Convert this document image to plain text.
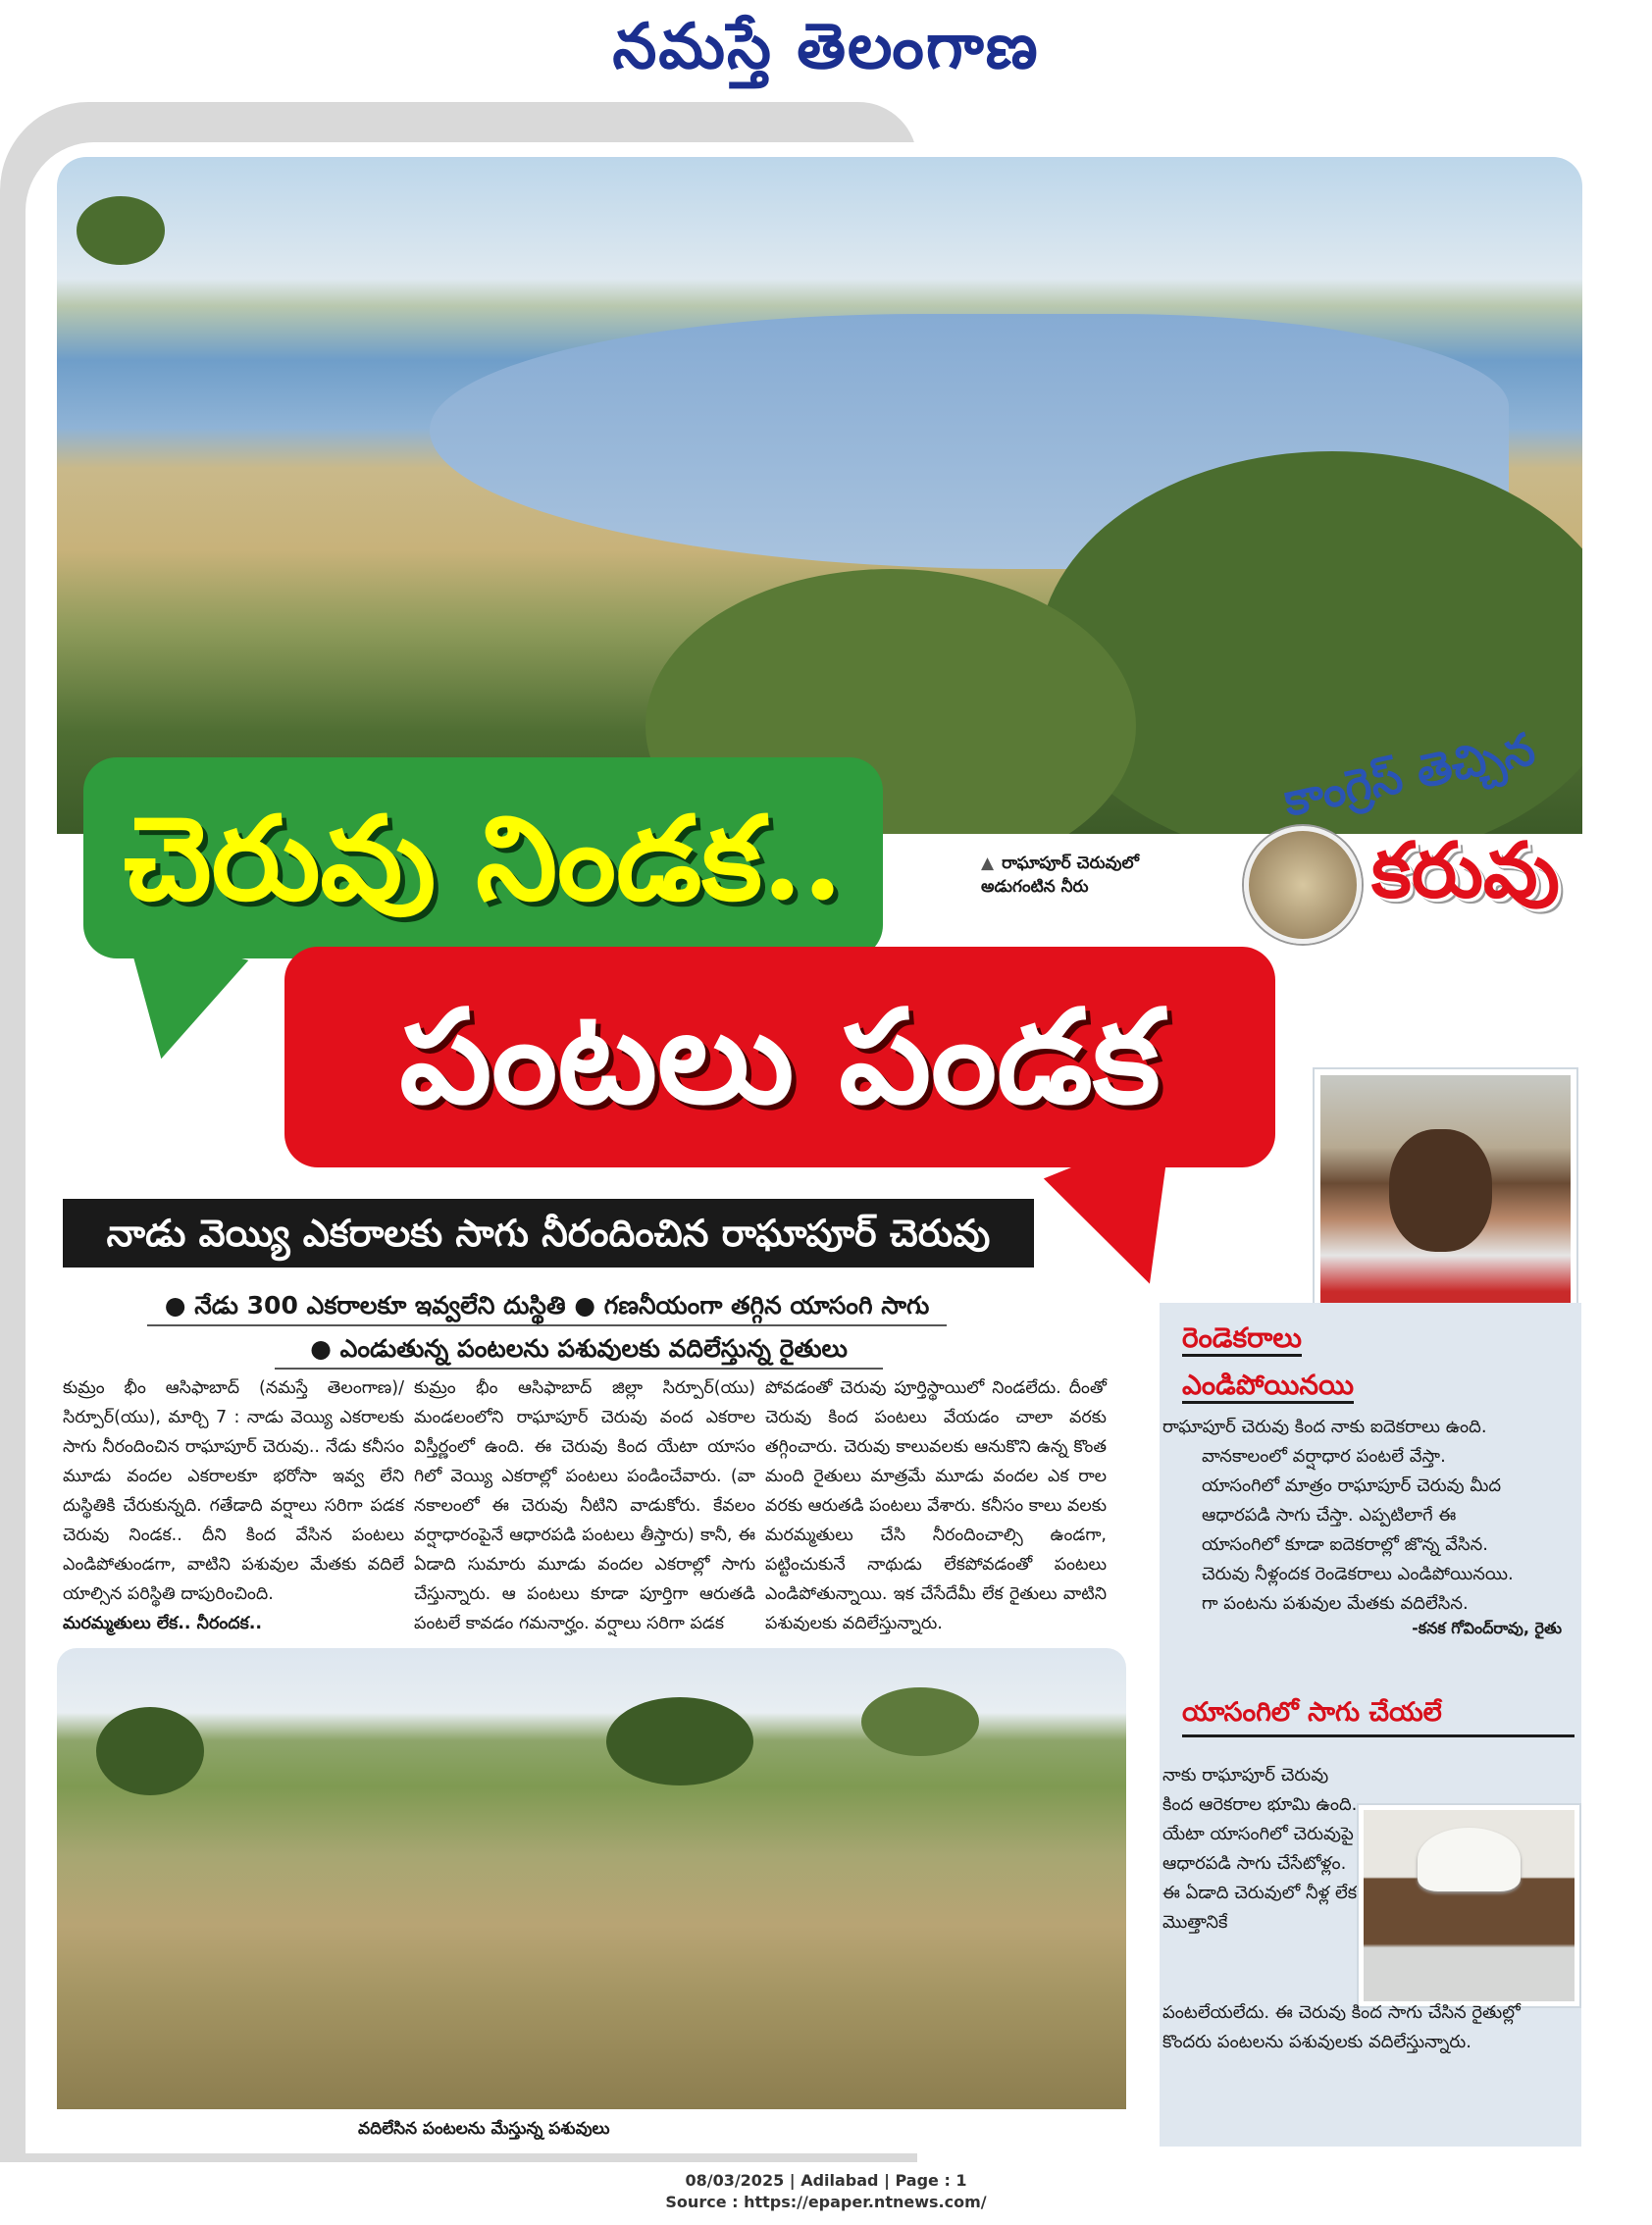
నమస్తే తెలంగాణ
చెరువు నిండక..
పంటలు పండక
▲ రాఘాపూర్ చెరువులో
అడుగంటిన నీరు
కాంగ్రెస్ తెచ్చిన
కరువు
నాడు వెయ్యి ఎకరాలకు సాగు నీరందించిన రాఘాపూర్ చెరువు
● నేడు 300 ఎకరాలకూ ఇవ్వలేని దుస్థితి ● గణనీయంగా తగ్గిన యాసంగి సాగు
● ఎండుతున్న పంటలను పశువులకు వదిలేస్తున్న రైతులు
కుమ్రం భీం ఆసిఫాబాద్ (నమస్తే తెలంగాణ)/ సిర్పూర్(యు), మార్చి 7 : నాడు వెయ్యి ఎకరాలకు సాగు నీరందించిన రాఘాపూర్ చెరువు.. నేడు కనీసం మూడు వందల ఎకరాలకూ భరోసా ఇవ్వ లేని దుస్థితికి చేరుకున్నది. గతేడాది వర్షాలు సరిగా పడక చెరువు నిండక.. దీని కింద వేసిన పంటలు ఎండిపోతుండగా, వాటిని పశువుల మేతకు వదిలే యాల్సిన పరిస్థితి దాపురించింది.
మరమ్మతులు లేక.. నీరందక..
కుమ్రం భీం ఆసిఫాబాద్ జిల్లా సిర్పూర్(యు) మండలంలోని రాఘాపూర్ చెరువు వంద ఎకరాల విస్తీర్ణంలో ఉంది. ఈ చెరువు కింద యేటా యాసం గిలో వెయ్యి ఎకరాల్లో పంటలు పండించేవారు. (వా నకాలంలో ఈ చెరువు నీటిని వాడుకోరు. కేవలం వర్షాధారంపైనే ఆధారపడి పంటలు తీస్తారు) కానీ, ఈ ఏడాది సుమారు మూడు వందల ఎకరాల్లో సాగు చేస్తున్నారు. ఆ పంటలు కూడా పూర్తిగా ఆరుతడి పంటలే కావడం గమనార్హం. వర్షాలు సరిగా పడక
పోవడంతో చెరువు పూర్తిస్థాయిలో నిండలేదు. దీంతో చెరువు కింద పంటలు వేయడం చాలా వరకు తగ్గించారు. చెరువు కాలువలకు ఆనుకొని ఉన్న కొంత మంది రైతులు మాత్రమే మూడు వందల ఎక రాల వరకు ఆరుతడి పంటలు వేశారు. కనీసం కాలు వలకు మరమ్మతులు చేసి నీరందించాల్సి ఉండగా, పట్టించుకునే నాథుడు లేకపోవడంతో పంటలు ఎండిపోతున్నాయి. ఇక చేసేదేమీ లేక రైతులు వాటిని పశువులకు వదిలేస్తున్నారు.
రెండెకరాలు
ఎండిపోయినయి

రాఘాపూర్ చెరువు కింద నాకు ఐదెకరాలు ఉంది.

వానకాలంలో వర్షాధార పంటలే వేస్తా.

యాసంగిలో మాత్రం రాఘాపూర్ చెరువు మీద

ఆధారపడి సాగు చేస్తా. ఎప్పటిలాగే ఈ

యాసంగిలో కూడా ఐదెకరాల్లో జొన్న వేసిన.

చెరువు నీళ్లందక రెండెకరాలు ఎండిపోయినయి.

గా పంటను పశువుల మేతకు వదిలేసిన.

-కనక గోవింద్‌రావు, రైతు
యాసంగిలో సాగు చేయలే
నాకు రాఘాపూర్ చెరువు కింద ఆరెకరాల భూమి ఉంది. యేటా యాసంగిలో చెరువుపై ఆధారపడి సాగు చేసేటోళ్లం. ఈ ఏడాది చెరువులో నీళ్ల లేక మొత్తానికే
పంటలేయలేదు. ఈ చెరువు కింద సాగు చేసిన రైతుల్లో కొందరు పంటలను పశువులకు వదిలేస్తున్నారు.
వదిలేసిన పంటలను మేస్తున్న పశువులు
08/03/2025 | Adilabad | Page : 1
Source : https://epaper.ntnews.com/
